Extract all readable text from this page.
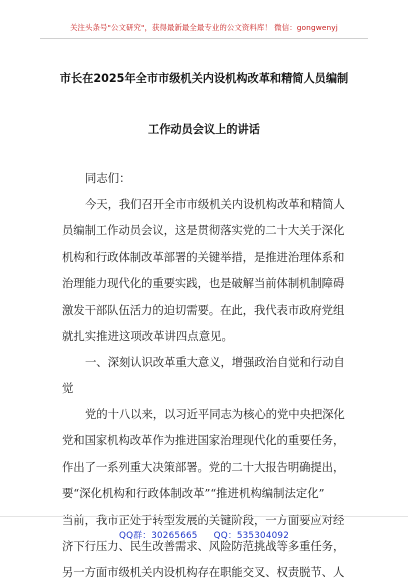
关注头条号"公文研究"，获得最新最全最专业的公文资料库！ 微信：gongwenyj
市长在2025年全市市级机关内设机构改革和精简人员编制
工作动员会议上的讲话
同志们：
今天，我们召开全市市级机关内设机构改革和精简人
员编制工作动员会议，这是贯彻落实党的二十大关于深化
机构和行政体制改革部署的关键举措，是推进治理体系和
治理能力现代化的重要实践，也是破解当前体制机制障碍
激发干部队伍活力的迫切需要。在此，我代表市政府党组
就扎实推进这项改革讲四点意见。
一、深刻认识改革重大意义，增强政治自觉和行动自
觉
党的十八以来，以习近平同志为核心的党中央把深化
党和国家机构改革作为推进国家治理现代化的重要任务，
作出了一系列重大决策部署。党的二十大报告明确提出，
要“深化机构和行政体制改革”“推进机构编制法定化”
当前，我市正处于转型发展的关键阶段，一方面要应对经
济下行压力、民生改善需求、风险防范挑战等多重任务，
另一方面市级机关内设机构存在职能交叉、权责脱节、人
QQ群：30265665 QQ：535304092
